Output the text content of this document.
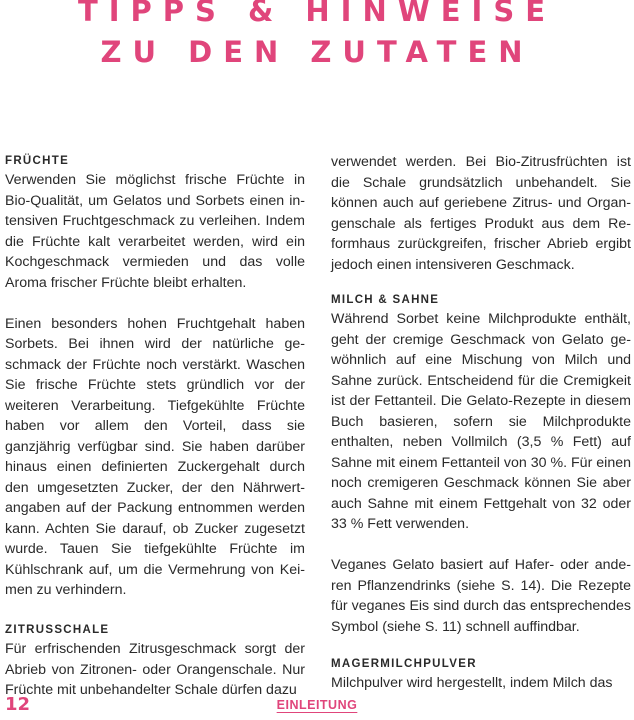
TIPPS & HINWEISE
ZU DEN ZUTATEN
FRÜCHTE

Verwenden Sie möglichst frische Früchte in Bio-Qualität, um Gelatos und Sorbets einen intensiven Fruchtgeschmack zu verleihen. Indem die Früchte kalt verarbeitet werden, wird ein Kochgeschmack vermieden und das volle Aroma frischer Früchte bleibt erhalten.

Einen besonders hohen Fruchtgehalt haben Sorbets. Bei ihnen wird der natürliche geschmack der Früchte noch verstärkt. Waschen Sie frische Früchte stets gründlich vor der weiteren Verarbeitung. Tiefgekühlte Früchte haben vor allem den Vorteil, dass sie ganzjährig verfügbar sind. Sie haben darüber hinaus einen definierten Zuckergehalt durch den umgesetzten Zucker, der den Nährwertangaben auf der Packung entnommen werden kann. Achten Sie darauf, ob Zucker zugesetzt wurde. Tauen Sie tiefgekühlte Früchte im Kühlschrank auf, um die Vermehrung von Keimen zu verhindern.

ZITRUSSCHALE

Für erfrischenden Zitrusgeschmack sorgt der Abrieb von Zitronen- oder Orangenschale. Nur Früchte mit unbehandelter Schale dürfen dazu

verwendet werden. Bei Bio-Zitrusfrüchten ist die Schale grundsätzlich unbehandelt. Sie können auch auf geriebene Zitrus- und Organgenschale als fertiges Produkt aus dem Reformhaus zurückgreifen, frischer Abrieb ergibt jedoch einen intensiveren Geschmack.

MILCH & SAHNE

Während Sorbet keine Milchprodukte enthält, geht der cremige Geschmack von Gelato gewöhnlich auf eine Mischung von Milch und Sahne zurück. Entscheidend für die Cremigkeit ist der Fettanteil. Die Gelato-Rezepte in diesem Buch basieren, sofern sie Milchprodukte enthalten, neben Vollmilch (3,5 % Fett) auf Sahne mit einem Fettanteil von 30 %. Für einen noch cremigeren Geschmack können Sie aber auch Sahne mit einem Fettgehalt von 32 oder 33 % Fett verwenden.

Veganes Gelato basiert auf Hafer- oder anderen Pflanzendrinks (siehe S. 14). Die Rezepte für veganes Eis sind durch das entsprechendes Symbol (siehe S. 11) schnell auffindbar.

MAGERMILCHPULVER

Milchpulver wird hergestellt, indem Milch das

12	EINLEITUNG
